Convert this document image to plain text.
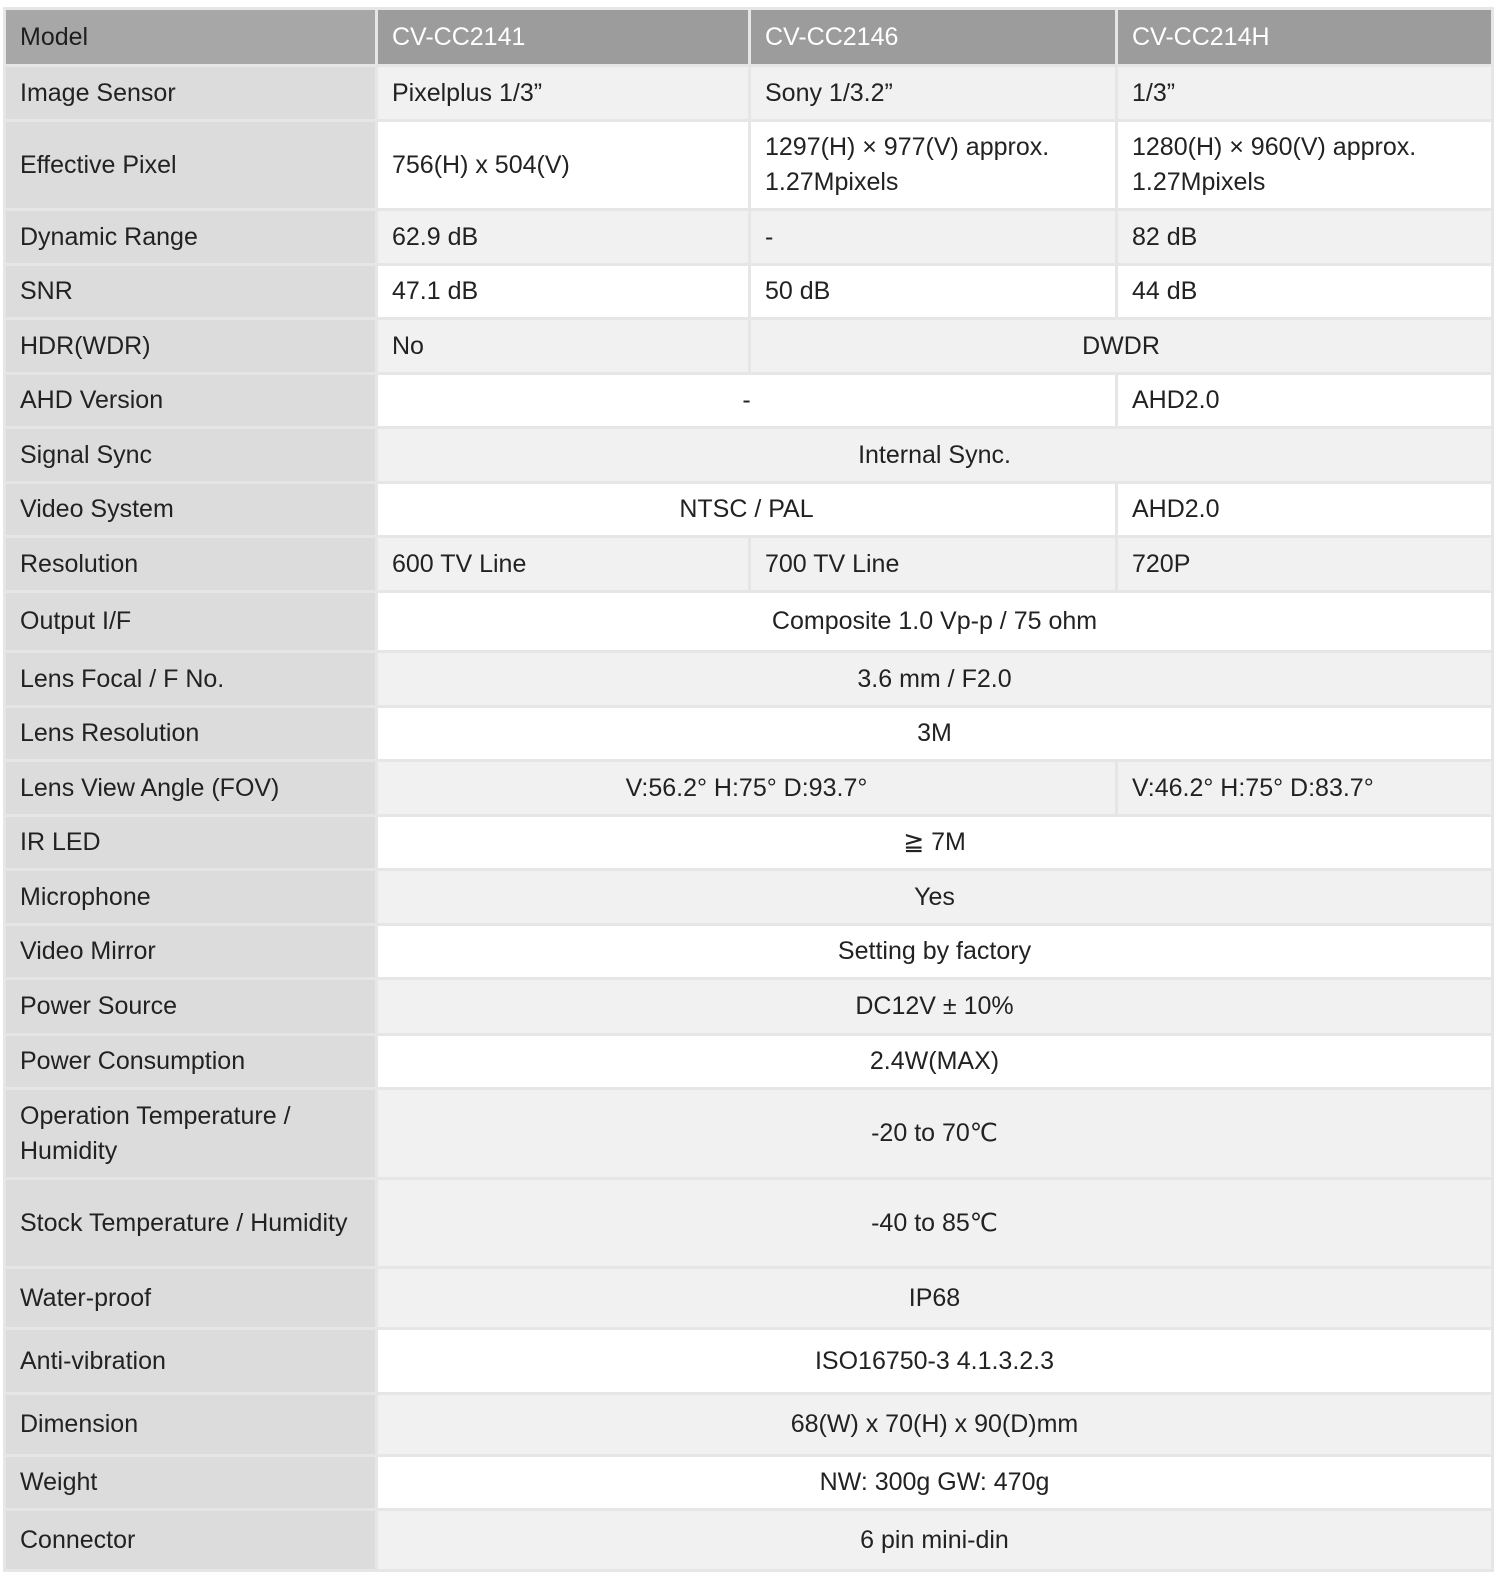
Model	CV-CC2141	CV-CC2146	CV-CC214H
Image Sensor	Pixelplus 1/3”	Sony 1/3.2”	1/3”
Effective Pixel	756(H) x 504(V)	1297(H) × 977(V) approx. 1.27Mpixels	1280(H) × 960(V) approx. 1.27Mpixels
Dynamic Range	62.9 dB	-	82 dB
SNR	47.1 dB	50 dB	44 dB
HDR(WDR)	No	DWDR	
AHD Version	-		AHD2.0
Signal Sync	Internal Sync.		
Video System	NTSC / PAL		AHD2.0
Resolution	600 TV Line	700 TV Line	720P
Output I/F	Composite 1.0 Vp-p / 75 ohm		
Lens Focal / F No.	3.6 mm / F2.0		
Lens Resolution	3M		
Lens View Angle (FOV)	V:56.2° H:75° D:93.7°		V:46.2° H:75° D:83.7°
IR LED	≧ 7M		
Microphone	Yes		
Video Mirror	Setting by factory		
Power Source	DC12V ± 10%		
Power Consumption	2.4W(MAX)		
Operation Temperature / Humidity	-20 to 70℃		
Stock Temperature / Humidity	-40 to 85℃		
Water-proof	IP68		
Anti-vibration	ISO16750-3 4.1.3.2.3		
Dimension	68(W) x 70(H) x 90(D)mm		
Weight	NW: 300g GW: 470g		
Connector	6 pin mini-din		
